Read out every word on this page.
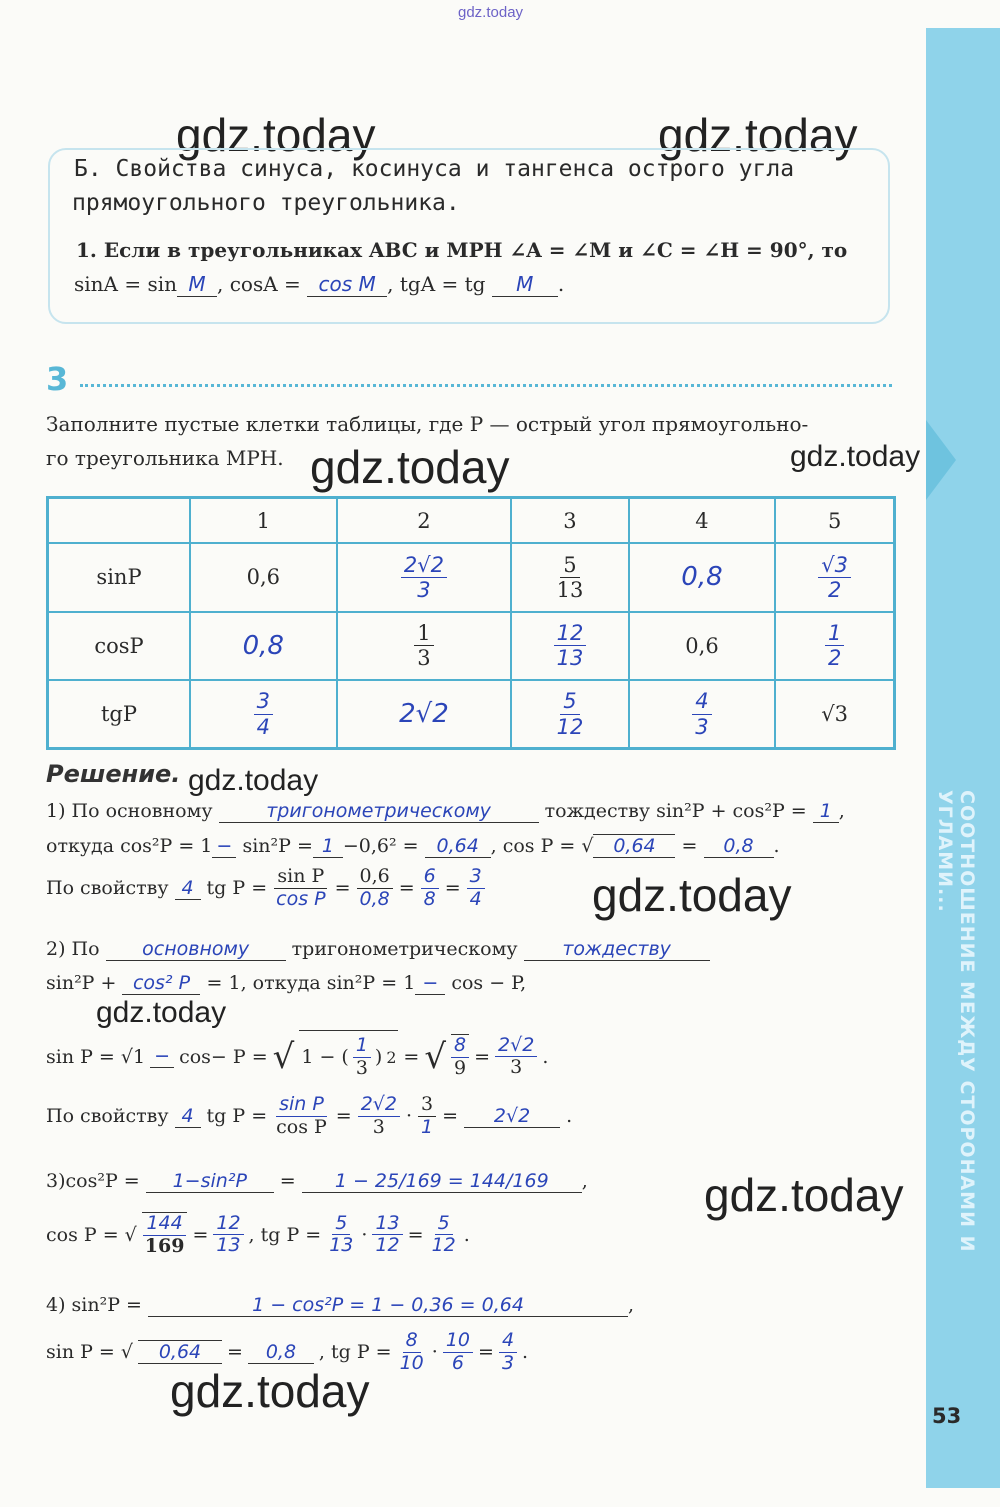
СООТНОШЕНИЕ МЕЖДУ СТОРОНАМИ И УГЛАМИ...
gdz.today
gdz.today	gdz.today
gdz.today	gdz.today
gdz.today
gdz.today
gdz.today
gdz.today
gdz.today
Б. Свойства синуса, косинуса и тангенса острого угла
прямоугольного треугольника.
1. Если в треугольниках ABC и MPH ∠A = ∠M и ∠C = ∠H = 90°, то
sinA = sin M , cosA = cos M , tgA = tg M .
3
Заполните пустые клетки таблицы, где P — острый угол прямоугольно-
го треугольника MPH.
	1	2	3	4	5
sinP	0,6	$\frac{2√2}{3}$	$\frac{5}{13}$	0,8	$\frac{√3}{2}$

cosP	0,8	$\frac{1}{3}$	$\frac{12}{13}$	0,6	$\frac{1}{2}$

tgP	$\frac{3}{4}$	2√2	$\frac{5}{12}$	$\frac{4}{3}$	√3
Решение.
1) По основному	тригонометрическому	тождеству sin²P + cos²P = 1 ,
откуда cos²P = 1 − sin²P = 1 −0,6² = 0,64 , cos P = √ 0,64 = 0,8 .
По свойству 4 tg $P = \frac{\text{sin P}}{\text{cos P}} = \frac{0,6}{0,8} = \frac{6}{8} = \frac{3}{4}$
2) По основному тригонометрическому тождеству
sin²P + cos² P = 1, откуда sin²P = 1 − cos − P,
sin P = √1 − cos− P = √ 1 − ( $\frac{1}{3}$ ) 2 = √ $\frac{8}{9} = \frac{2√2}{3}$ .
По свойству 4 tg $P = \frac{\text{sin P}}{\text{cos P}} = \frac{2√2}{3} \cdot \frac{3}{1}$ =	2√2	.
3)cos²P = 1−sin²P = 1 − 25/169 = 144/169 ,
cos P = √ $\frac{144}{169} = \frac{12}{13}$ , tg $P = \frac{5}{13} \cdot \frac{13}{12} = \frac{5}{12}$ .
4) sin²P =	1 − cos²P = 1 − 0,36 = 0,64	,
sin P = √	0,64	=	0,8	, tg $P = \frac{8}{10} \cdot \frac{10}{6} = \frac{4}{3}$ .
53
